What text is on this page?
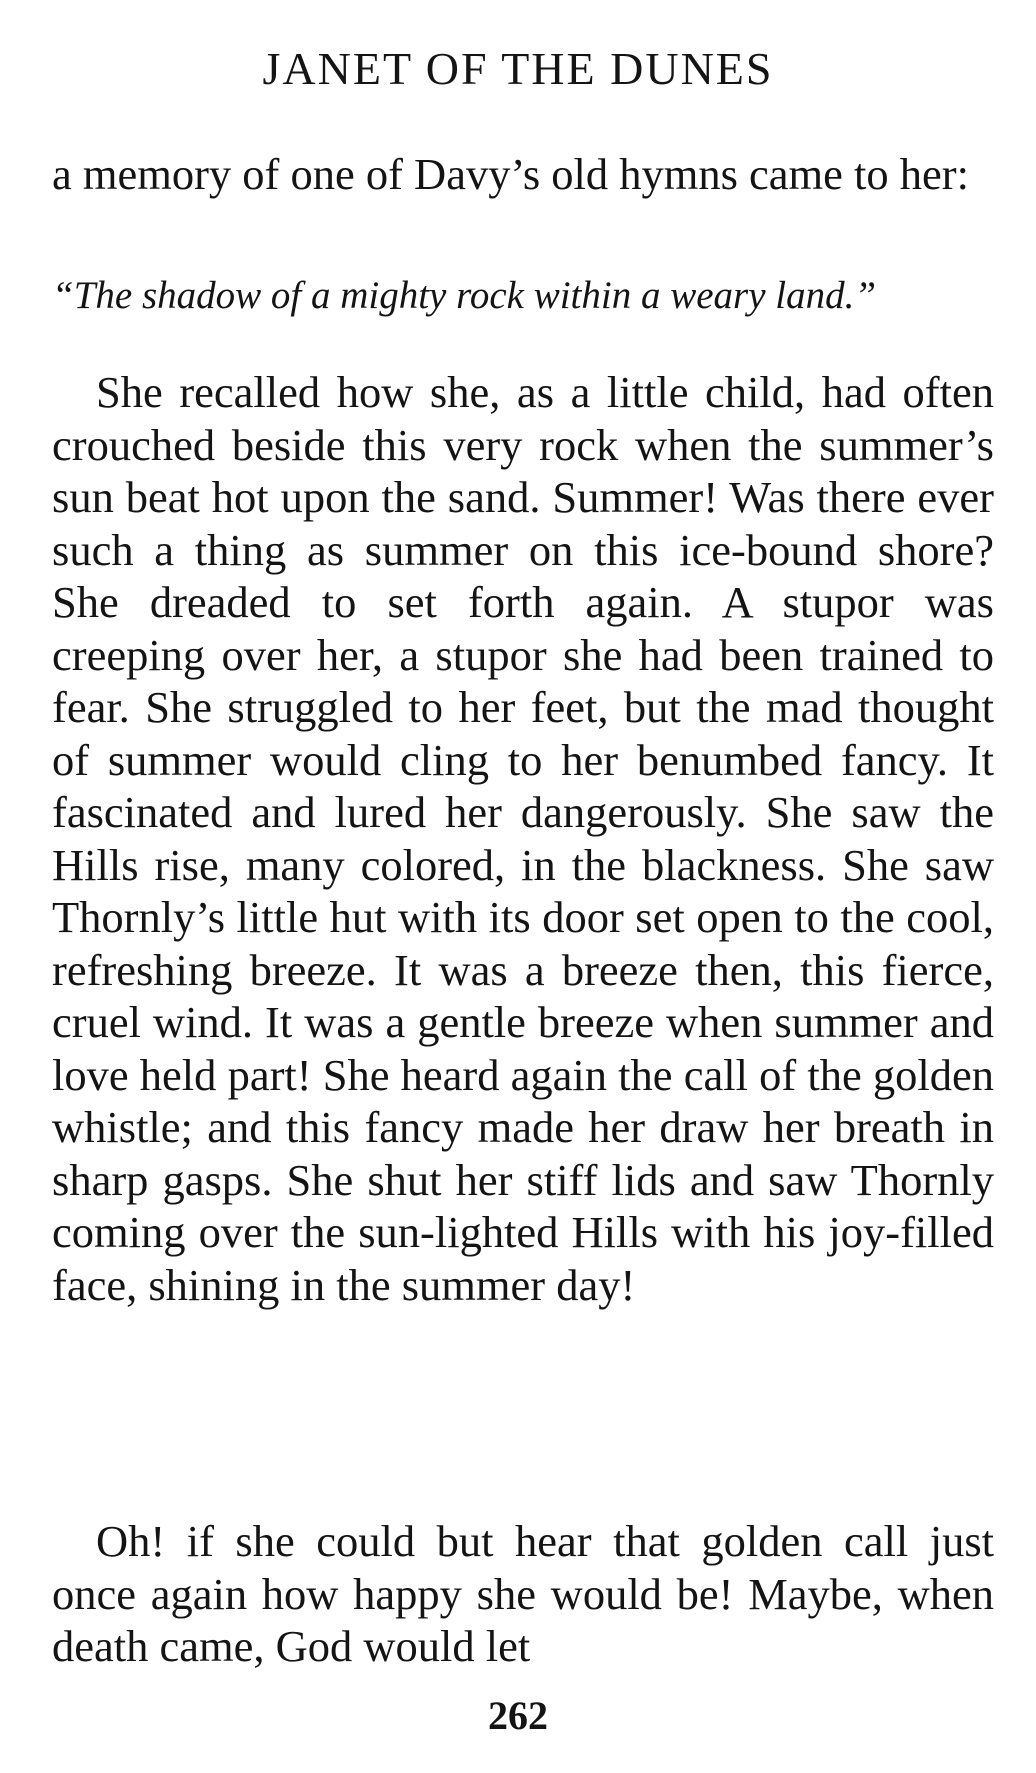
JANET OF THE DUNES

a memory of one of Davy’s old hymns came to her:

“The shadow of a mighty rock within a weary land.”

She recalled how she, as a little child, had often crouched beside this very rock when the summer’s sun beat hot upon the sand. Summer! Was there ever such a thing as summer on this ice-bound shore? She dreaded to set forth again. A stupor was creeping over her, a stupor she had been trained to fear. She struggled to her feet, but the mad thought of summer would cling to her benumbed fancy. It fascinated and lured her dangerously. She saw the Hills rise, many colored, in the blackness. She saw Thornly’s little hut with its door set open to the cool, refreshing breeze. It was a breeze then, this fierce, cruel wind. It was a gentle breeze when summer and love held part! She heard again the call of the golden whistle; and this fancy made her draw her breath in sharp gasps. She shut her stiff lids and saw Thornly coming over the sun-lighted Hills with his joy-filled face, shining in the summer day!

Oh! if she could but hear that golden call just once again how happy she would be! Maybe, when death came, God would let

262
